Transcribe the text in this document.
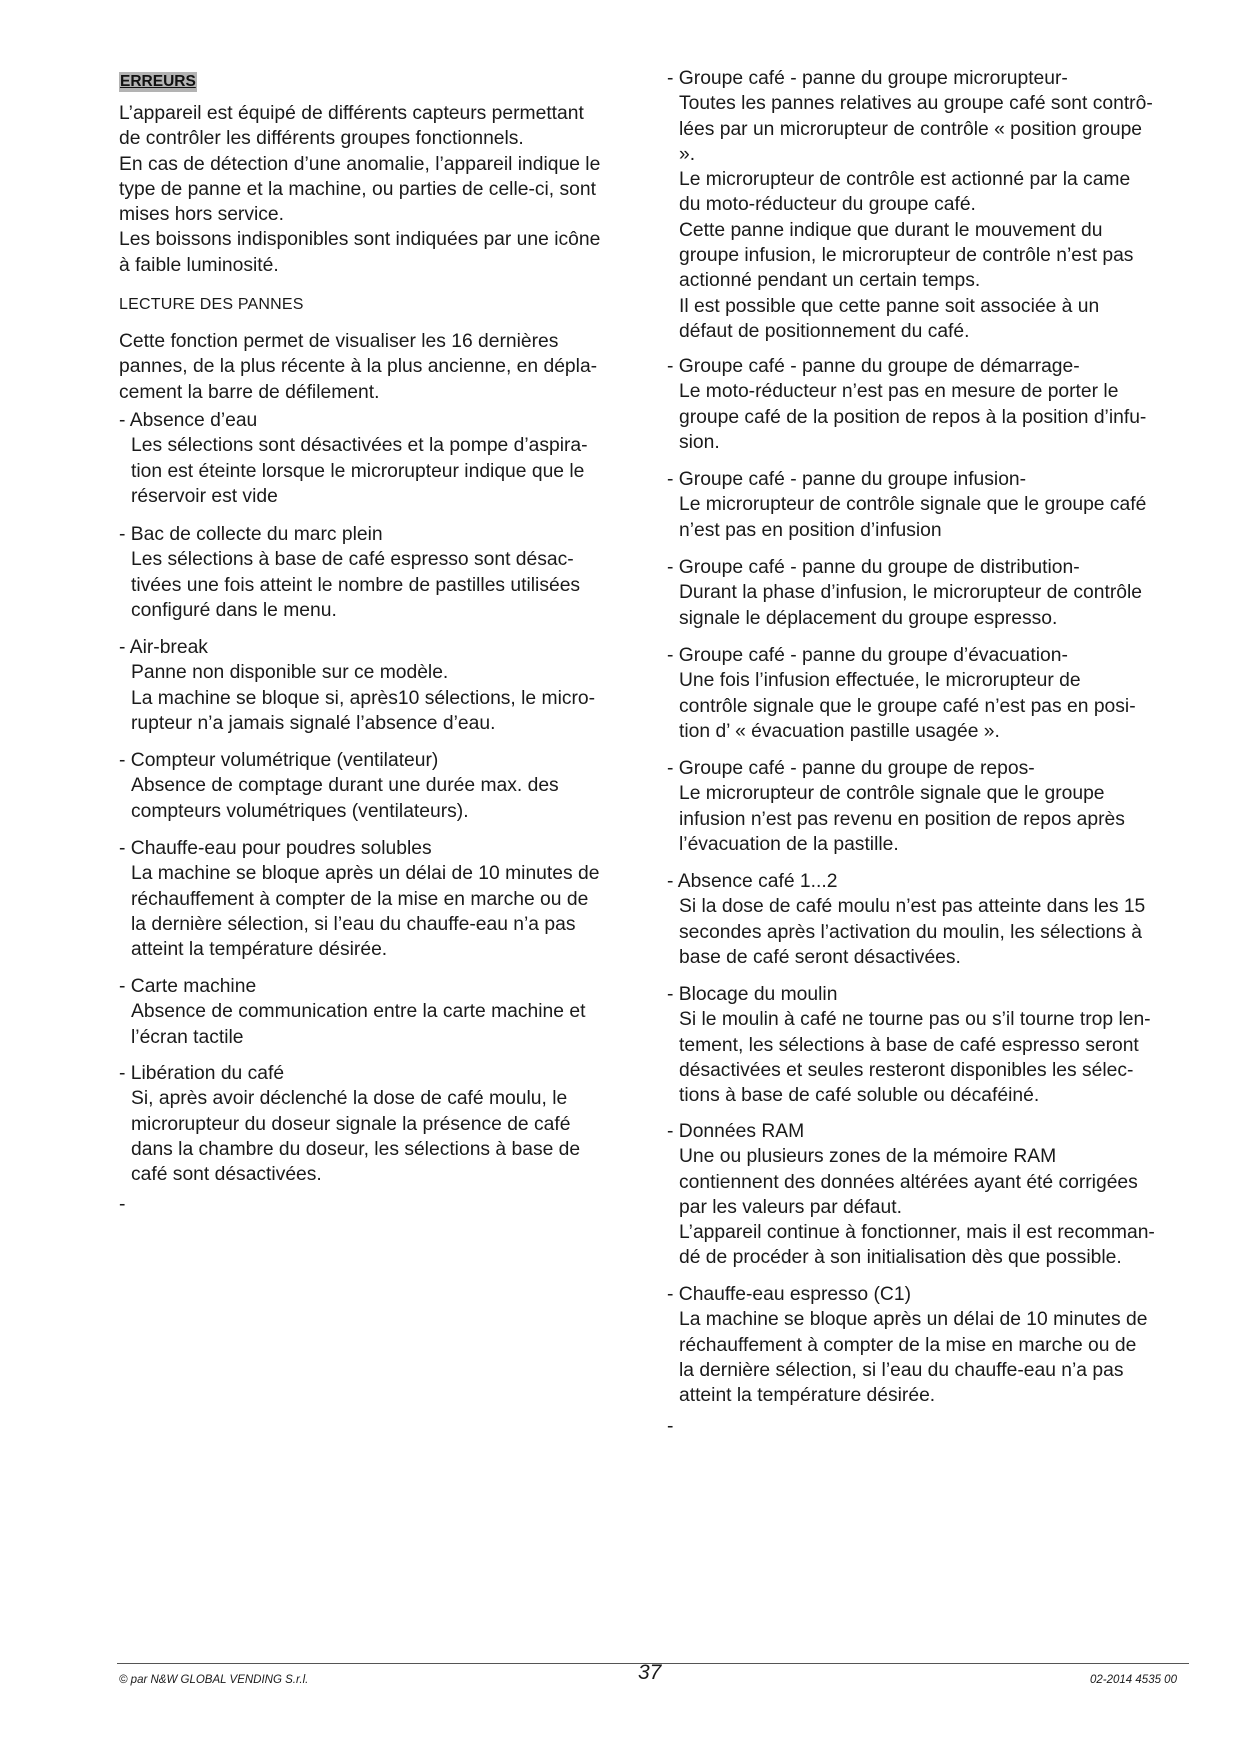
ERREURS

L’appareil est équipé de différents capteurs permettant

de contrôler les différents groupes fonctionnels.

En cas de détection d’une anomalie, l’appareil indique le

type de panne et la machine, ou parties de celle-ci, sont

mises hors service.

Les boissons indisponibles sont indiquées par une icône

à faible luminosité.

LECTURE DES PANNES

Cette fonction permet de visualiser les 16 dernières

pannes, de la plus récente à la plus ancienne, en dépla-

cement la barre de défilement.

- Absence d’eau

Les sélections sont désactivées et la pompe d’aspira-

tion est éteinte lorsque le microrupteur indique que le

réservoir est vide

- Bac de collecte du marc plein

Les sélections à base de café espresso sont désac-

tivées une fois atteint le nombre de pastilles utilisées

configuré dans le menu.

- Air-break

Panne non disponible sur ce modèle.

La machine se bloque si, après10 sélections, le micro-

rupteur n’a jamais signalé l’absence d’eau.

- Compteur volumétrique (ventilateur)

Absence de comptage durant une durée max. des

compteurs volumétriques (ventilateurs).

- Chauffe-eau pour poudres solubles

La machine se bloque après un délai de 10 minutes de

réchauffement à compter de la mise en marche ou de

la dernière sélection, si l’eau du chauffe-eau n’a pas

atteint la température désirée.

- Carte machine

Absence de communication entre la carte machine et

l’écran tactile

- Libération du café

Si, après avoir déclenché la dose de café moulu, le

microrupteur du doseur signale la présence de café

dans la chambre du doseur, les sélections à base de

café sont désactivées.

-

- Groupe café - panne du groupe microrupteur-

Toutes les pannes relatives au groupe café sont contrô-

lées par un microrupteur de contrôle « position groupe

».

Le microrupteur de contrôle est actionné par la came

du moto-réducteur du groupe café.

Cette panne indique que durant le mouvement du

groupe infusion, le microrupteur de contrôle n’est pas

actionné pendant un certain temps.

Il est possible que cette panne soit associée à un

défaut de positionnement du café.

- Groupe café - panne du groupe de démarrage-

Le moto-réducteur n’est pas en mesure de porter le

groupe café de la position de repos à la position d’infu-

sion.

- Groupe café - panne du groupe infusion-

Le microrupteur de contrôle signale que le groupe café

n’est pas en position d’infusion

- Groupe café - panne du groupe de distribution-

Durant la phase d’infusion, le microrupteur de contrôle

signale le déplacement du groupe espresso.

- Groupe café - panne du groupe d’évacuation-

Une fois l’infusion effectuée, le microrupteur de

contrôle signale que le groupe café n’est pas en posi-

tion d’ « évacuation pastille usagée ».

- Groupe café - panne du groupe de repos-

Le microrupteur de contrôle signale que le groupe

infusion n’est pas revenu en position de repos après

l’évacuation de la pastille.

- Absence café 1...2

Si la dose de café moulu n’est pas atteinte dans les 15

secondes après l’activation du moulin, les sélections à

base de café seront désactivées.

- Blocage du moulin

Si le moulin à café ne tourne pas ou s’il tourne trop len-

tement, les sélections à base de café espresso seront

désactivées et seules resteront disponibles les sélec-

tions à base de café soluble ou décaféiné.

- Données RAM

Une ou plusieurs zones de la mémoire RAM

contiennent des données altérées ayant été corrigées

par les valeurs par défaut.

L’appareil continue à fonctionner, mais il est recomman-

dé de procéder à son initialisation dès que possible.

- Chauffe-eau espresso (C1)

La machine se bloque après un délai de 10 minutes de

réchauffement à compter de la mise en marche ou de

la dernière sélection, si l’eau du chauffe-eau n’a pas

atteint la température désirée.

-
© par N&W GLOBAL VENDING S.r.l.	37	02-2014 4535 00
